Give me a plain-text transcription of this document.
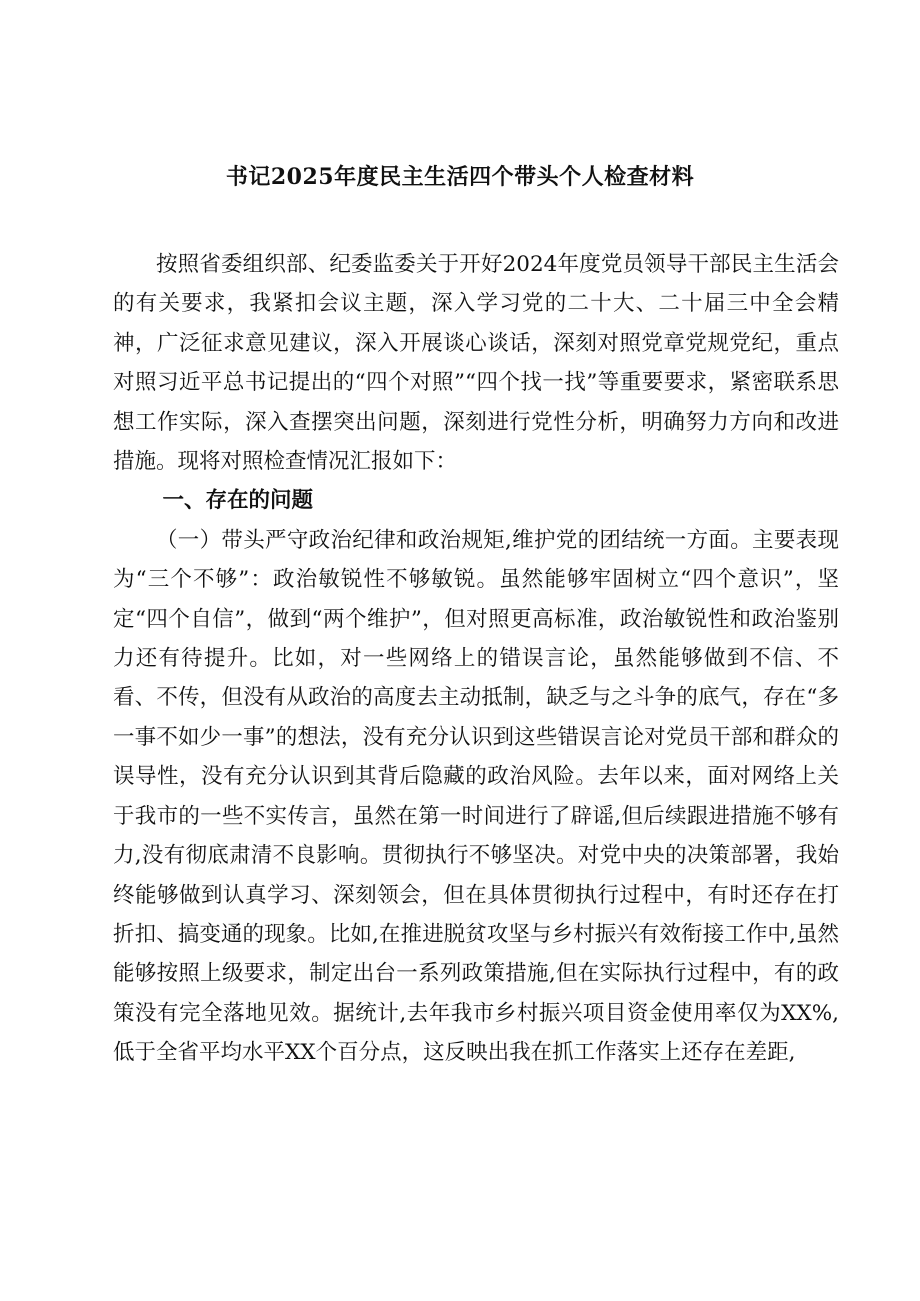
书记2025年度民主生活四个带头个人检查材料

按照省委组织部、纪委监委关于开好2024年度党员领导干部民主生活会的有关要求，我紧扣会议主题，深入学习党的二十大、二十届三中全会精神，广泛征求意见建议，深入开展谈心谈话，深刻对照党章党规党纪，重点对照习近平总书记提出的“四个对照”“四个找一找”等重要要求，紧密联系思想工作实际，深入查摆突出问题，深刻进行党性分析，明确努力方向和改进措施。现将对照检查情况汇报如下：

一、存在的问题

（一）带头严守政治纪律和政治规矩,维护党的团结统一方面。主要表现为“三个不够”：政治敏锐性不够敏锐。虽然能够牢固树立“四个意识”，坚定“四个自信”，做到“两个维护”，但对照更高标准，政治敏锐性和政治鉴别力还有待提升。比如，对一些网络上的错误言论，虽然能够做到不信、不看、不传，但没有从政治的高度去主动抵制，缺乏与之斗争的底气，存在“多一事不如少一事”的想法，没有充分认识到这些错误言论对党员干部和群众的误导性，没有充分认识到其背后隐藏的政治风险。去年以来，面对网络上关于我市的一些不实传言，虽然在第一时间进行了辟谣,但后续跟进措施不够有力,没有彻底肃清不良影响。贯彻执行不够坚决。对党中央的决策部署，我始终能够做到认真学习、深刻领会，但在具体贯彻执行过程中，有时还存在打折扣、搞变通的现象。比如,在推进脱贫攻坚与乡村振兴有效衔接工作中,虽然能够按照上级要求，制定出台一系列政策措施,但在实际执行过程中，有的政策没有完全落地见效。据统计,去年我市乡村振兴项目资金使用率仅为XX%,低于全省平均水平XX个百分点，这反映出我在抓工作落实上还存在差距,
